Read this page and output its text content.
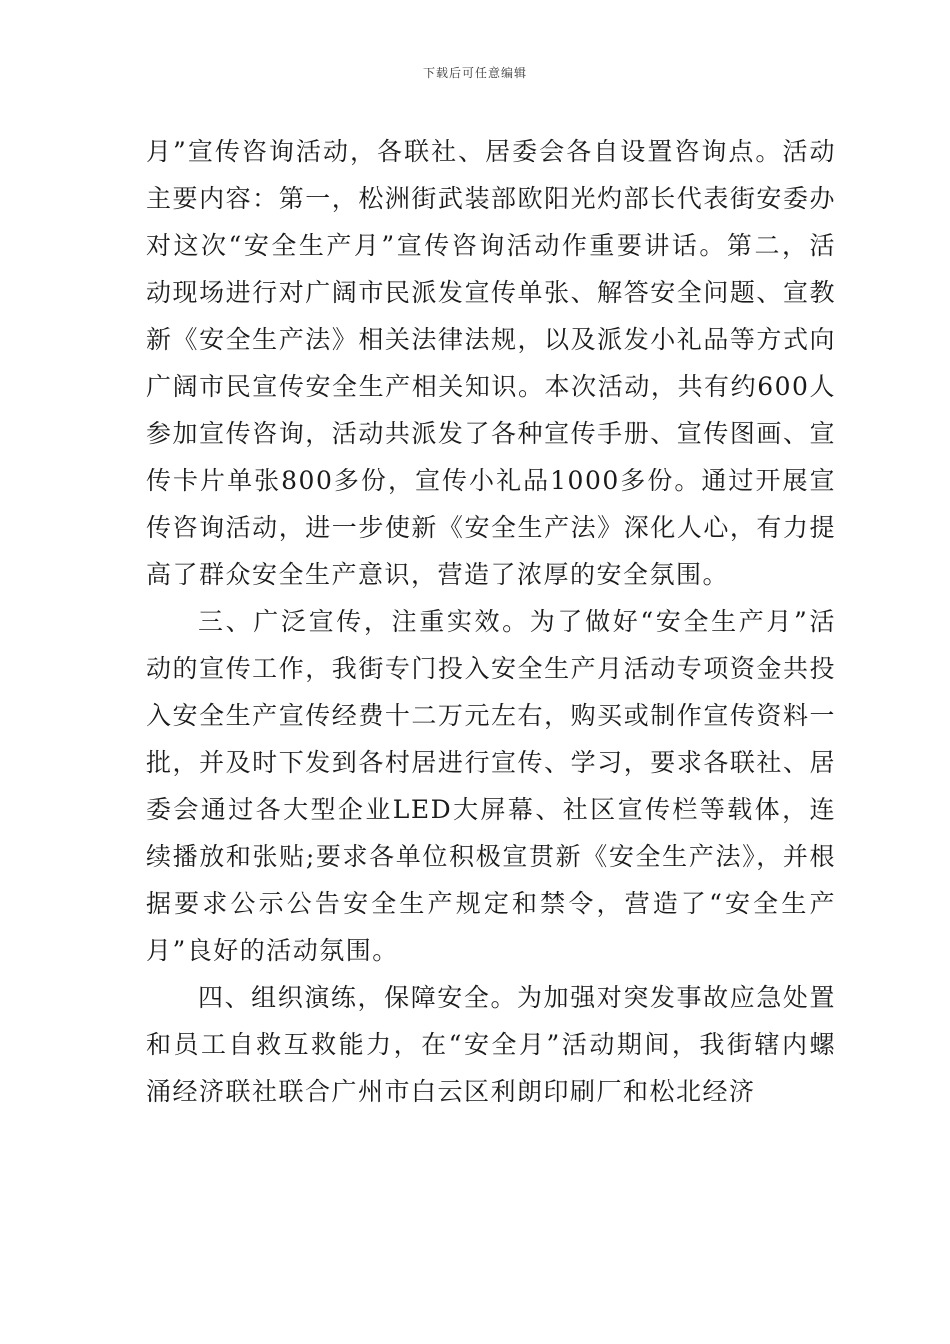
下载后可任意编辑

月”宣传咨询活动，各联社、居委会各自设置咨询点。活动主要内容：第一，松洲街武装部欧阳光灼部长代表街安委办对这次“安全生产月”宣传咨询活动作重要讲话。第二，活动现场进行对广阔市民派发宣传单张、解答安全问题、宣教新《安全生产法》相关法律法规，以及派发小礼品等方式向广阔市民宣传安全生产相关知识。本次活动，共有约600人参加宣传咨询，活动共派发了各种宣传手册、宣传图画、宣传卡片单张800多份，宣传小礼品1000多份。通过开展宣传咨询活动，进一步使新《安全生产法》深化人心，有力提高了群众安全生产意识，营造了浓厚的安全氛围。

三、广泛宣传，注重实效。为了做好“安全生产月”活动的宣传工作，我街专门投入安全生产月活动专项资金共投入安全生产宣传经费十二万元左右，购买或制作宣传资料一批，并及时下发到各村居进行宣传、学习，要求各联社、居委会通过各大型企业LED大屏幕、社区宣传栏等载体，连续播放和张贴;要求各单位积极宣贯新《安全生产法》，并根据要求公示公告安全生产规定和禁令，营造了“安全生产月”良好的活动氛围。

四、组织演练，保障安全。为加强对突发事故应急处置和员工自救互救能力，在“安全月”活动期间，我街辖内螺涌经济联社联合广州市白云区利朗印刷厂和松北经济
